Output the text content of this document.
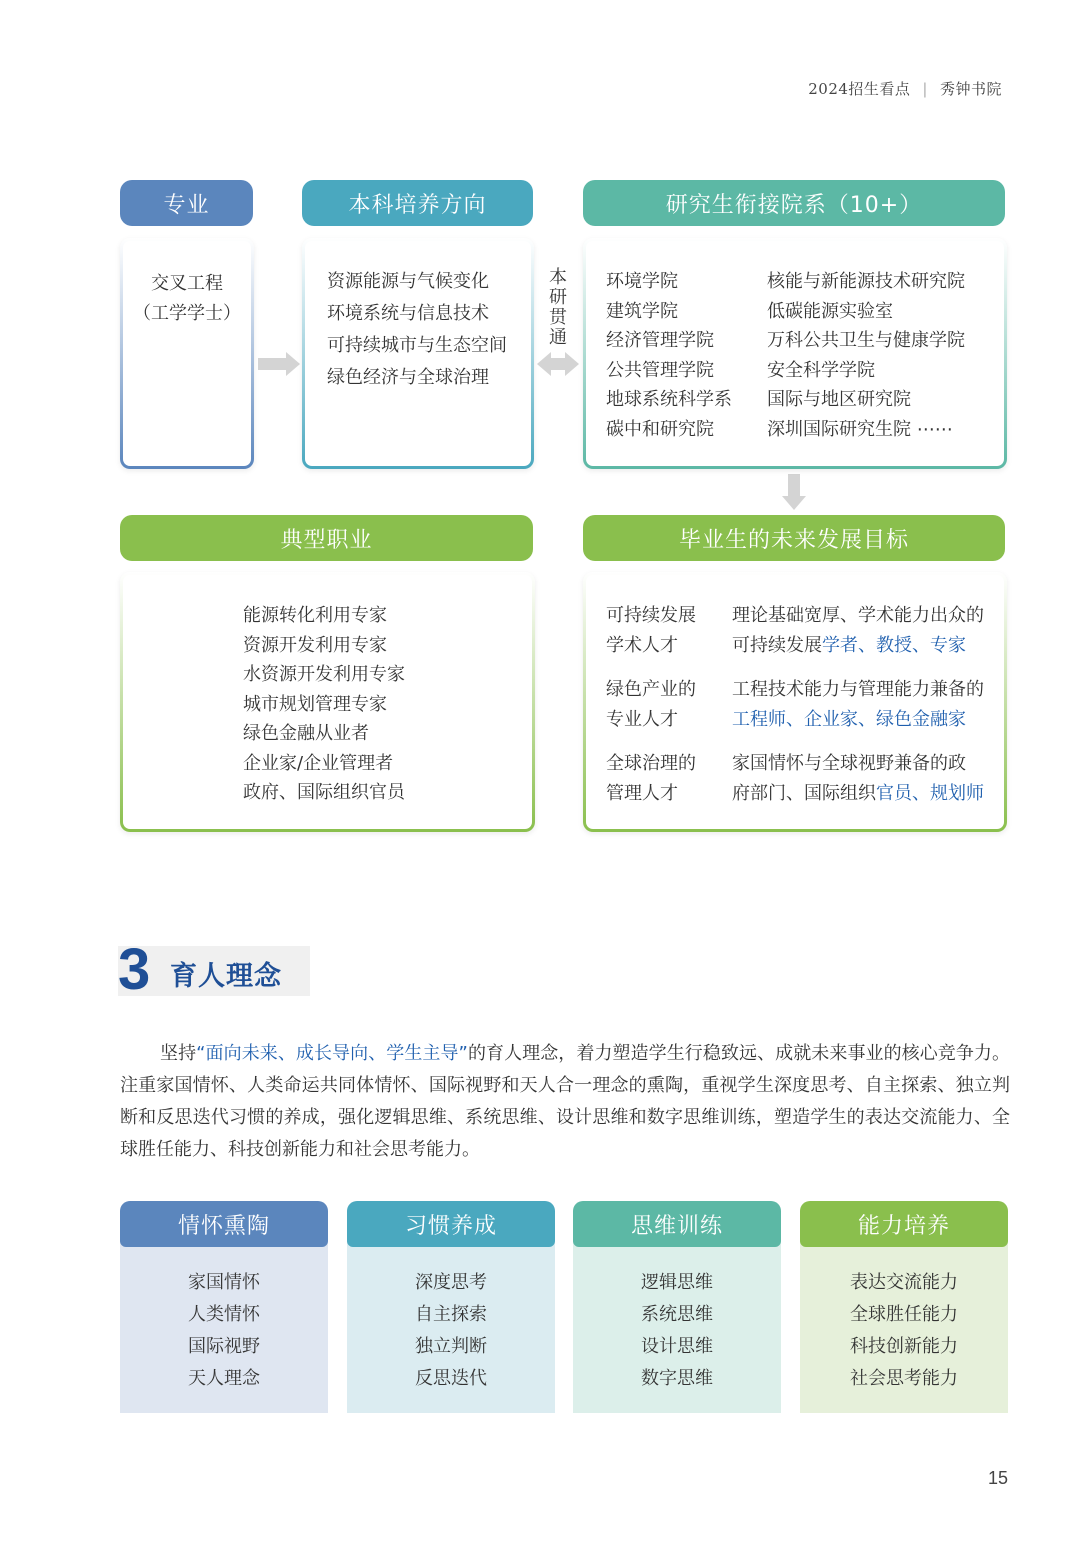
2024招生看点 | 秀钟书院
专业
交叉工程
（工学学士）
本科培养方向
资源能源与气候变化
环境系统与信息技术
可持续城市与生态空间
绿色经济与全球治理
本
研
贯
通
研究生衔接院系（10+）
环境学院
建筑学院
经济管理学院
公共管理学院
地球系统科学系
碳中和研究院
核能与新能源技术研究院
低碳能源实验室
万科公共卫生与健康学院
安全科学学院
国际与地区研究院
深圳国际研究生院 ⋯⋯
典型职业
能源转化利用专家
资源开发利用专家
水资源开发利用专家
城市规划管理专家
绿色金融从业者
企业家/企业管理者
政府、国际组织官员
毕业生的未来发展目标
可持续发展
学术人才
理论基础宽厚、学术能力出众的
可持续发展学者、教授、专家
绿色产业的
专业人才
工程技术能力与管理能力兼备的
工程师、企业家、绿色金融家
全球治理的
管理人才
家国情怀与全球视野兼备的政
府部门、国际组织官员、规划师
3 育人理念
坚持“面向未来、成长导向、学生主导”的育人理念，着力塑造学生行稳致远、成就未来事业的核心竞争力。注重家国情怀、人类命运共同体情怀、国际视野和天人合一理念的熏陶，重视学生深度思考、自主探索、独立判断和反思迭代习惯的养成，强化逻辑思维、系统思维、设计思维和数字思维训练，塑造学生的表达交流能力、全球胜任能力、科技创新能力和社会思考能力。
情怀熏陶
家国情怀
人类情怀
国际视野
天人理念
习惯养成
深度思考
自主探索
独立判断
反思迭代
思维训练
逻辑思维
系统思维
设计思维
数字思维
能力培养
表达交流能力
全球胜任能力
科技创新能力
社会思考能力
15
